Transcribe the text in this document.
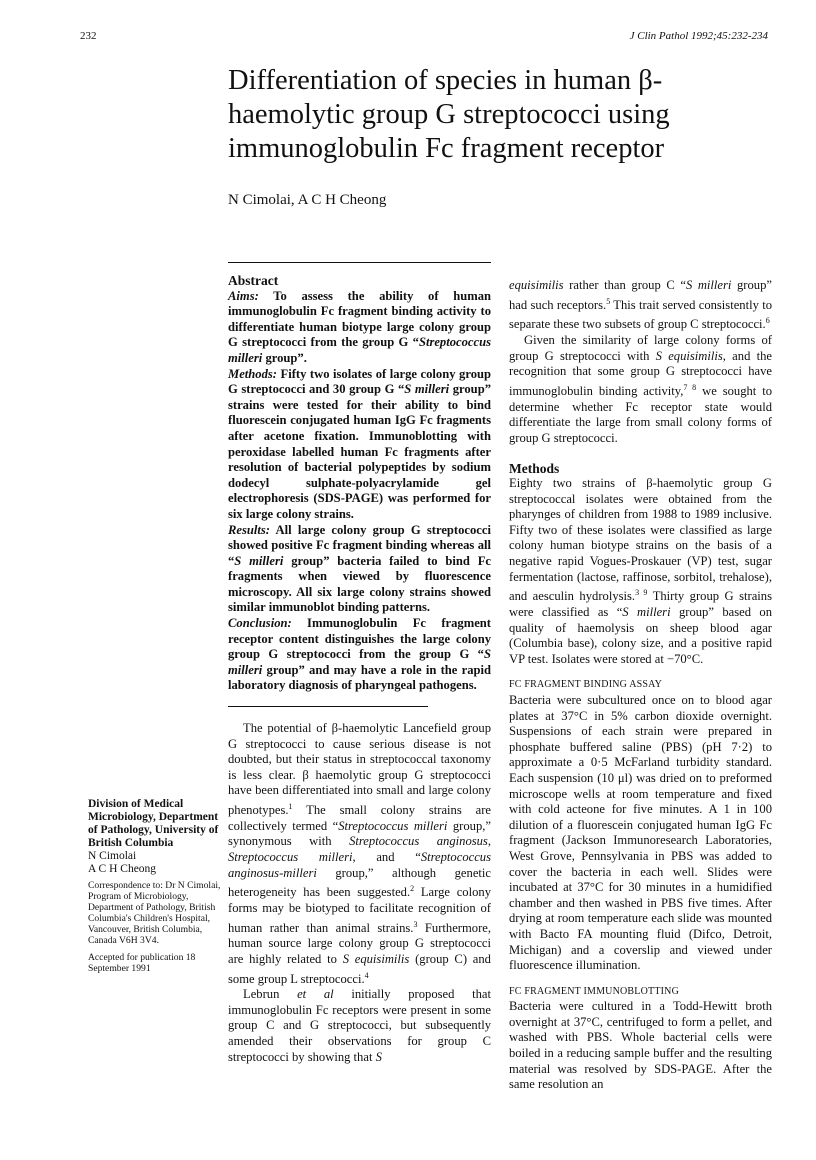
232	J Clin Pathol 1992;45:232-234
Differentiation of species in human β-haemolytic group G streptococci using immunoglobulin Fc fragment receptor
N Cimolai, A C H Cheong
Abstract

Aims: To assess the ability of human immunoglobulin Fc fragment binding activity to differentiate human biotype large colony group G streptococci from the group G “Streptococcus milleri group”.

Methods: Fifty two isolates of large colony group G streptococci and 30 group G “S milleri group” strains were tested for their ability to bind fluorescein conjugated human IgG Fc fragments after acetone fixation. Immunoblotting with peroxidase labelled human Fc fragments after resolution of bacterial polypeptides by sodium dodecyl sulphate-polyacrylamide gel electrophoresis (SDS-PAGE) was performed for six large colony strains.

Results: All large colony group G streptococci showed positive Fc fragment binding whereas all “S milleri group” bacteria failed to bind Fc fragments when viewed by fluorescence microscopy. All six large colony strains showed similar immunoblot binding patterns.

Conclusion: Immunoglobulin Fc fragment receptor content distinguishes the large colony group G streptococci from the group G “S milleri group” and may have a role in the rapid laboratory diagnosis of pharyngeal pathogens.

The potential of β-haemolytic Lancefield group G streptococci to cause serious disease is not doubted, but their status in streptococcal taxonomy is less clear. β haemolytic group G streptococci have been differentiated into small and large colony phenotypes.$^1$ The small colony strains are collectively termed “Streptococcus milleri group,” synonymous with Streptococcus anginosus, Streptococcus milleri, and “Streptococcus anginosus-milleri group,” although genetic heterogeneity has been suggested.$^2$ Large colony forms may be biotyped to facilitate recognition of human rather than animal strains.$^3$ Furthermore, human source large colony group G streptococci are highly related to S equisimilis (group C) and some group L streptococci.$^4$

Lebrun et al initially proposed that immunoglobulin Fc receptors were present in some group C and G streptococci, but subsequently amended their observations for group C streptococci by showing that S

equisimilis rather than group C “S milleri group” had such receptors.$^5$ This trait served consistently to separate these two subsets of group C streptococci.$^6$

Given the similarity of large colony forms of group G streptococci with S equisimilis, and the recognition that some group G streptococci have immunoglobulin binding activity,$^{7 8}$ we sought to determine whether Fc receptor state would differentiate the large from small colony forms of group G streptococci.

Methods

Eighty two strains of β-haemolytic group G streptococcal isolates were obtained from the pharynges of children from 1988 to 1989 inclusive. Fifty two of these isolates were classified as large colony human biotype strains on the basis of a negative rapid Vogues-Proskauer (VP) test, sugar fermentation (lactose, raffinose, sorbitol, trehalose), and aesculin hydrolysis.$^{3 9}$ Thirty group G strains were classified as “S milleri group” based on quality of haemolysis on sheep blood agar (Columbia base), colony size, and a positive rapid VP test. Isolates were stored at −70°C.

FC FRAGMENT BINDING ASSAY

Bacteria were subcultured once on to blood agar plates at 37°C in 5% carbon dioxide overnight. Suspensions of each strain were prepared in phosphate buffered saline (PBS) (pH 7·2) to approximate a 0·5 McFarland turbidity standard. Each suspension (10 μl) was dried on to preformed microscope wells at room temperature and fixed with cold acteone for five minutes. A 1 in 100 dilution of a fluorescein conjugated human IgG Fc fragment (Jackson Immunoresearch Laboratories, West Grove, Pennsylvania in PBS was added to cover the bacteria in each well. Slides were incubated at 37°C for 30 minutes in a humidified chamber and then washed in PBS five times. After drying at room temperature each slide was mounted with Bacto FA mounting fluid (Difco, Detroit, Michigan) and a coverslip and viewed under fluorescence illumination.

FC FRAGMENT IMMUNOBLOTTING

Bacteria were cultured in a Todd-Hewitt broth overnight at 37°C, centrifuged to form a pellet, and washed with PBS. Whole bacterial cells were boiled in a reducing sample buffer and the resulting material was resolved by SDS-PAGE. After the same resolution an

Division of Medical Microbiology, Department of Pathology, University of British Columbia

N Cimolai

A C H Cheong

Correspondence to: Dr N Cimolai, Program of Microbiology, Department of Pathology, British Columbia's Children's Hospital, Vancouver, British Columbia, Canada V6H 3V4.

Accepted for publication 18 September 1991
